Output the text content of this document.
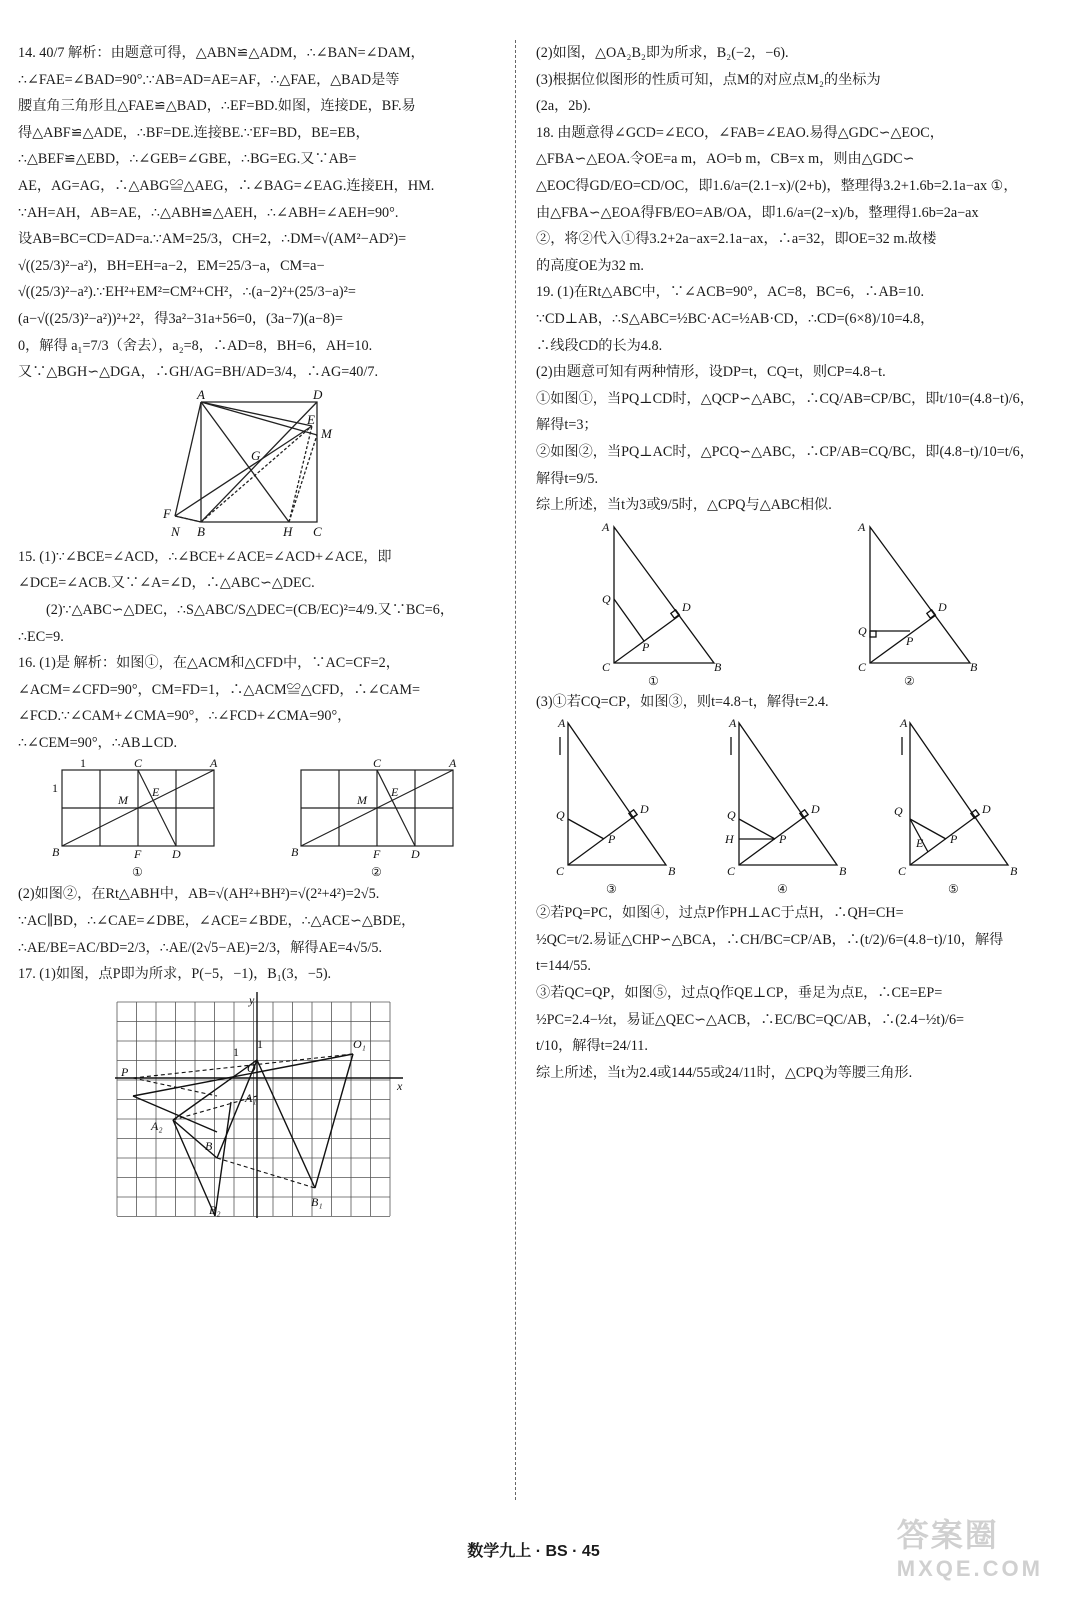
14. 40/7 解析：由题意可得，△ABN≌△ADM，∴∠BAN=∠DAM，

∴∠FAE=∠BAD=90°.∵AB=AD=AE=AF，∴△FAE，△BAD是等

腰直角三角形且△FAE≌△BAD，∴EF=BD.如图，连接DE，BF.易

得△ABF≌△ADE，∴BF=DE.连接BE.∵EF=BD，BE=EB，

∴△BEF≌△EBD，∴∠GEB=∠GBE，∴BG=EG.又∵AB=

AE，AG=AG，∴△ABG≌△AEG，∴∠BAG=∠EAG.连接EH，HM.

∵AH=AH，AB=AE，∴△ABH≌△AEH，∴∠ABH=∠AEH=90°.

设AB=BC=CD=AD=a.∵AM=25/3，CH=2，∴DM=√(AM²−AD²)=

√((25/3)²−a²)，BH=EH=a−2，EM=25/3−a，CM=a−

√((25/3)²−a²).∵EH²+EM²=CM²+CH²，∴(a−2)²+(25/3−a)²=

(a−√((25/3)²−a²))²+2²，得3a²−31a+56=0，(3a−7)(a−8)=

0，解得 a₁=7/3（舍去），a₂=8，∴AD=8，BH=6，AH=10.

又∵△BGH∽△DGA，∴GH/AG=BH/AD=3/4，∴AG=40/7.

A	D
E
M
G
F
N B	H C

15. (1)∵∠BCE=∠ACD，∴∠BCE+∠ACE=∠ACD+∠ACE，即

∠DCE=∠ACB.又∵∠A=∠D，∴△ABC∽△DEC.

(2)∵△ABC∽△DEC，∴S△ABC/S△DEC=(CB/EC)²=4/9.又∵BC=6，

∴EC=9.

16. (1)是 解析：如图①，在△ACM和△CFD中，∵AC=CF=2，

∠ACM=∠CFD=90°，CM=FD=1，∴△ACM≌△CFD，∴∠CAM=

∠FCD.∵∠CAM+∠CMA=90°，∴∠FCD+∠CMA=90°，

∴∠CEM=90°，∴AB⊥CD.

1	C	A
1
M
E
B	F	D
①
C	A
M
E
B	F	D
②

(2)如图②，在Rt△ABH中，AB=√(AH²+BH²)=√(2²+4²)=2√5.

∵AC∥BD，∴∠CAE=∠DBE，∠ACE=∠BDE，∴△ACE∽△BDE，

∴AE/BE=AC/BD=2/3，∴AE/(2√5−AE)=2/3，解得AE=4√5/5.

17. (1)如图，点P即为所求，P(−5，−1)，B₁(3，−5).

y
x
P	O
O₁
A₁
A₂
B
B₁
B₂
1
1

(2)如图，△OA₂B₂即为所求，B₂(−2，−6).

(3)根据位似图形的性质可知，点M的对应点M₂的坐标为

(2a，2b).

18. 由题意得∠GCD=∠ECO，∠FAB=∠EAO.易得△GDC∽△EOC，

△FBA∽△EOA.令OE=a m，AO=b m，CB=x m，则由△GDC∽

△EOC得GD/EO=CD/OC，即1.6/a=(2.1−x)/(2+b)，整理得3.2+1.6b=2.1a−ax ①，

由△FBA∽△EOA得FB/EO=AB/OA，即1.6/a=(2−x)/b，整理得1.6b=2a−ax

②，将②代入①得3.2+2a−ax=2.1a−ax，∴a=32，即OE=32 m.故楼

的高度OE为32 m.

19. (1)在Rt△ABC中，∵∠ACB=90°，AC=8，BC=6，∴AB=10.

∵CD⊥AB，∴S△ABC=½BC·AC=½AB·CD，∴CD=(6×8)/10=4.8，

∴线段CD的长为4.8.

(2)由题意可知有两种情形，设DP=t，CQ=t，则CP=4.8−t.

①如图①，当PQ⊥CD时，△QCP∽△ABC，∴CQ/AB=CP/BC，即t/10=(4.8−t)/6，

解得t=3；

②如图②，当PQ⊥AC时，△PCQ∽△ABC，∴CP/AB=CQ/BC，即(4.8−t)/10=t/6，

解得t=9/5.

综上所述，当t为3或9/5时，△CPQ与△ABC相似.

A
Q
D
P
C	B
①
A
Q
D
P
C	B
②

(3)①若CQ=CP，如图③，则t=4.8−t，解得t=2.4.

A
Q	D
P
C	B
③
A
Q	D
H	P
C	B
④
A
Q	D
E P
C	B
⑤

②若PQ=PC，如图④，过点P作PH⊥AC于点H，∴QH=CH=

½QC=t/2.易证△CHP∽△BCA，∴CH/BC=CP/AB，∴(t/2)/6=(4.8−t)/10，解得

t=144/55.

③若QC=QP，如图⑤，过点Q作QE⊥CP，垂足为点E，∴CE=EP=

½PC=2.4−½t，易证△QEC∽△ACB，∴EC/BC=QC/AB，∴(2.4−½t)/6=

t/10，解得t=24/11.

综上所述，当t为2.4或144/55或24/11时，△CPQ为等腰三角形.

数学九上 · BS · 45	答案圈
MXQE.COM
